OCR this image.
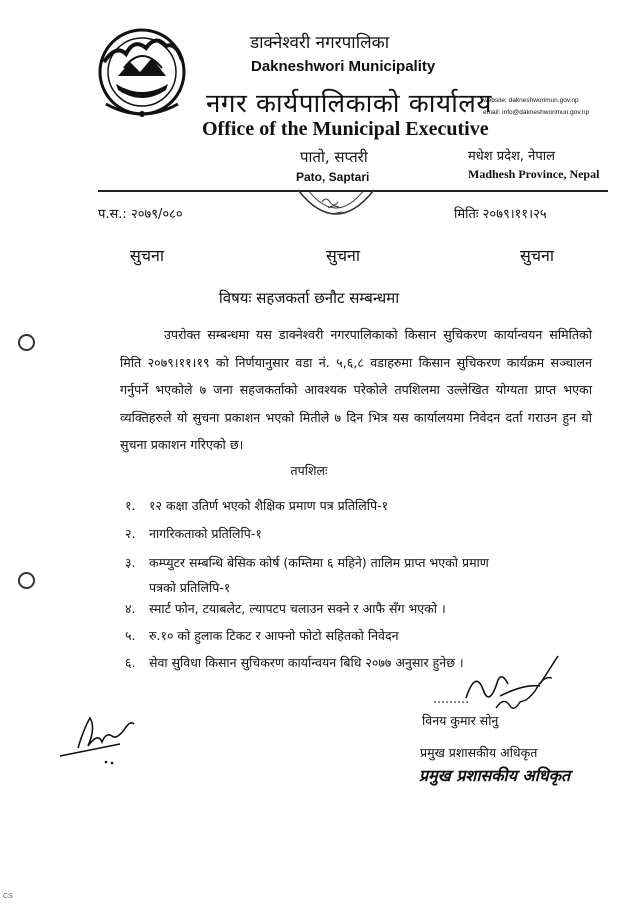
डाक्नेश्वरी नगरपालिका
Dakneshwori Municipality
नगर कार्यपालिकाको कार्यालय
Office of the Municipal Executive
website: dakneshworimun.gov.np
email: info@dakneshworimun.gov.np
पातो, सप्तरी
Pato, Saptari
मधेश प्रदेश, नेपाल
Madhesh Province, Nepal
प.स.: २०७९/०८०	मितिः २०७९।११।२५
सुचना	सुचना	सुचना
विषयः सहजकर्ता छनौट सम्बन्धमा
उपरोक्त सम्बन्धमा यस डाक्नेश्वरी नगरपालिकाको किसान सुचिकरण कार्यान्वयन समितिको मिति २०७९।११।१९ को निर्णयानुसार वडा नं. ५,६,८ वडाहरुमा किसान सुचिकरण कार्यक्रम सञ्चालन गर्नुपर्ने भएकोले ७ जना सहजकर्ताको आवश्यक परेकोले तपशिलमा उल्लेखित योग्यता प्राप्त भएका व्यक्तिहरुले यो सुचना प्रकाशन भएको मितीले ७ दिन भित्र यस कार्यालयमा निवेदन दर्ता गराउन हुन यो सुचना प्रकाशन गरिएको छ।
तपशिलः
१. १२ कक्षा उतिर्ण भएको शैक्षिक प्रमाण पत्र प्रतिलिपि-१
२. नागरिकताको प्रतिलिपि-१
३. कम्प्युटर सम्बन्धि बेसिक कोर्ष (कम्तिमा ६ महिने) तालिम प्राप्त भएको प्रमाण
पत्रको प्रतिलिपि-१
४. स्मार्ट फोन, टयाबलेट, ल्यापटप चलाउन सक्ने र आफै सँग भएको ।
५. रु.१० को हुलाक टिकट र आफ्नो फोटो सहितको निवेदन
६. सेवा सुविधा किसान सुचिकरण कार्यान्वयन बिधि २०७७ अनुसार हुनेछ ।
विनय कुमार सोनु
प्रमुख प्रशासकीय अधिकृत
प्रमुख प्रशासकीय अधिकृत
CS
